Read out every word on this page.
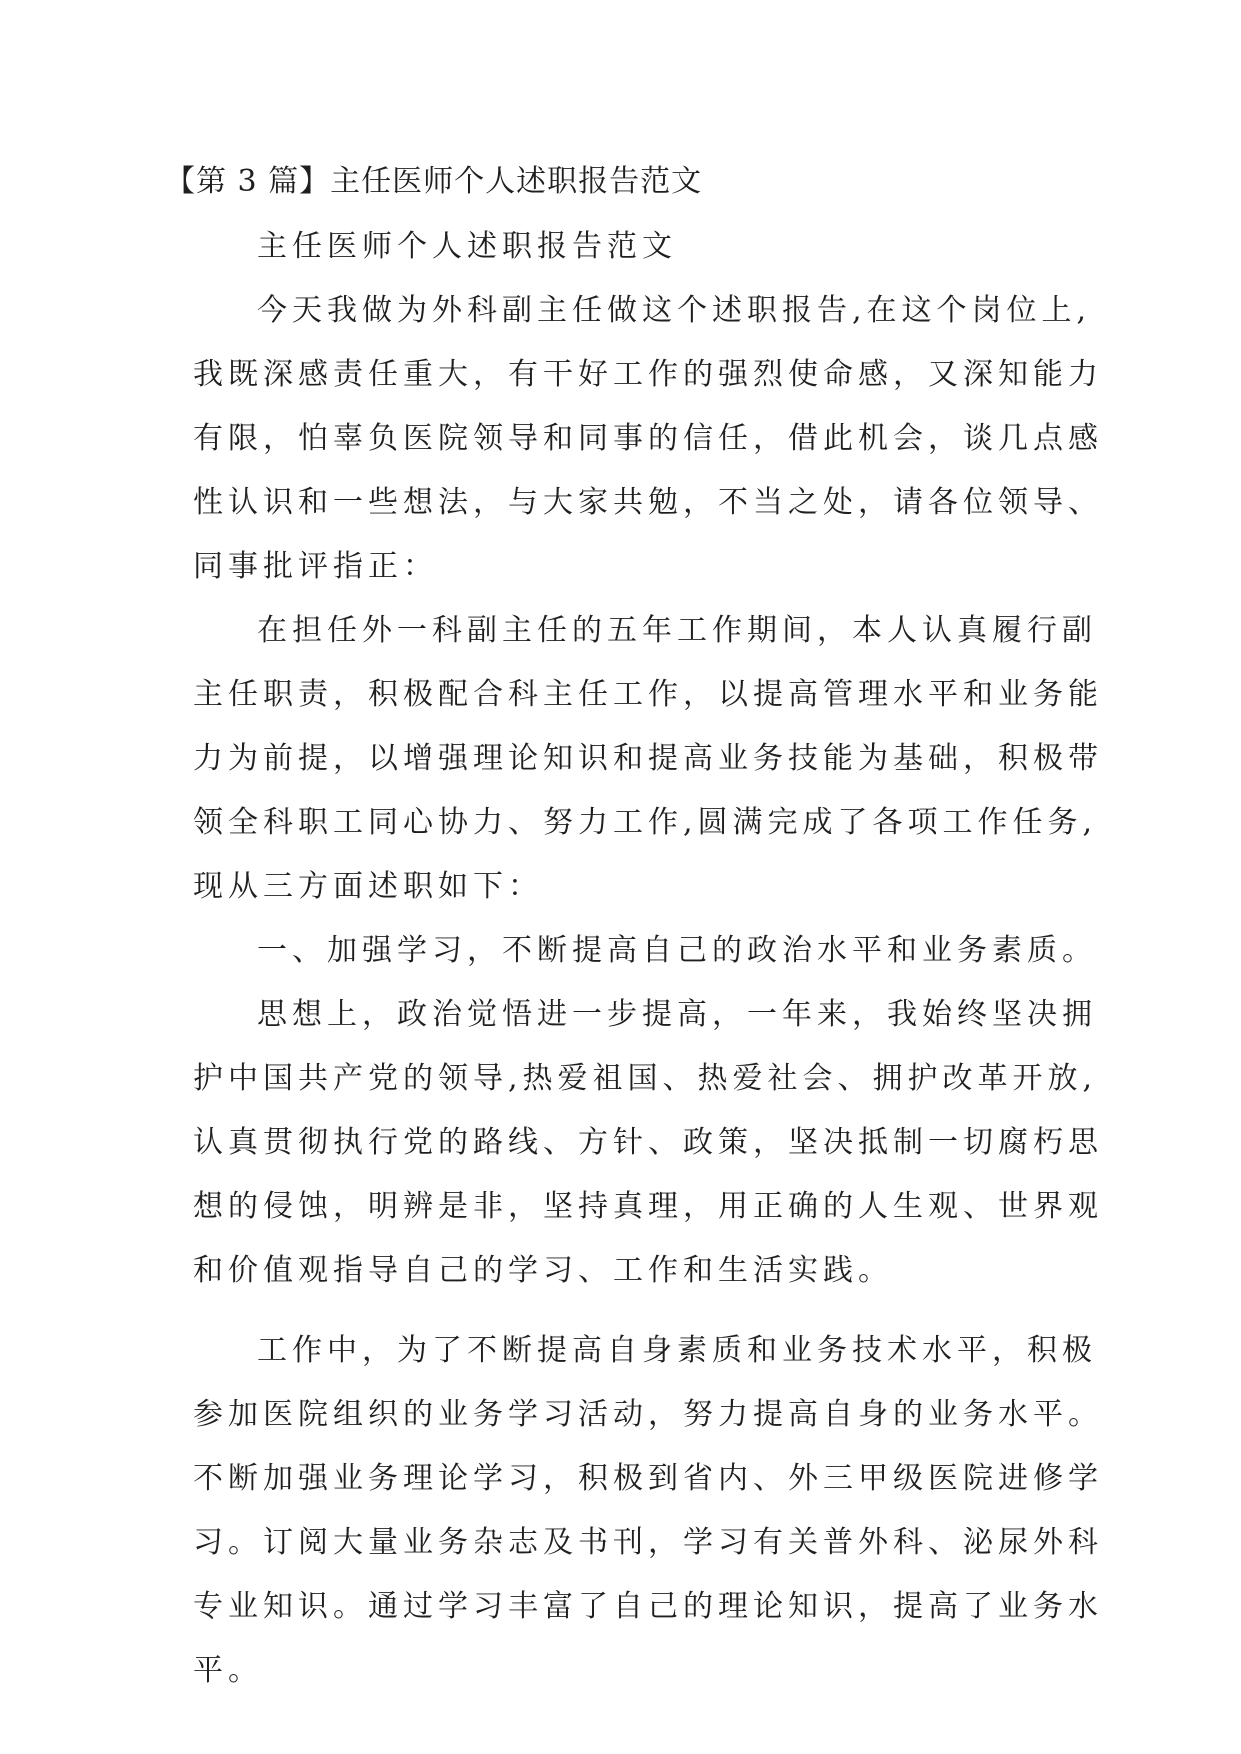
【第 3 篇】主任医师个人述职报告范文
主任医师个人述职报告范文
今天我做为外科副主任做这个述职报告,在这个岗位上,
我既深感责任重大，有干好工作的强烈使命感，又深知能力
有限，怕辜负医院领导和同事的信任，借此机会，谈几点感
性认识和一些想法，与大家共勉，不当之处，请各位领导、
同事批评指正：
在担任外一科副主任的五年工作期间，本人认真履行副
主任职责，积极配合科主任工作，以提高管理水平和业务能
力为前提，以增强理论知识和提高业务技能为基础，积极带
领全科职工同心协力、努力工作,圆满完成了各项工作任务,
现从三方面述职如下：
一、加强学习，不断提高自己的政治水平和业务素质。
思想上，政治觉悟进一步提高，一年来，我始终坚决拥
护中国共产党的领导,热爱祖国、热爱社会、拥护改革开放,
认真贯彻执行党的路线、方针、政策，坚决抵制一切腐朽思
想的侵蚀，明辨是非，坚持真理，用正确的人生观、世界观
和价值观指导自己的学习、工作和生活实践。
工作中，为了不断提高自身素质和业务技术水平，积极
参加医院组织的业务学习活动，努力提高自身的业务水平。
不断加强业务理论学习，积极到省内、外三甲级医院进修学
习。订阅大量业务杂志及书刊，学习有关普外科、泌尿外科
专业知识。通过学习丰富了自己的理论知识，提高了业务水
平。
